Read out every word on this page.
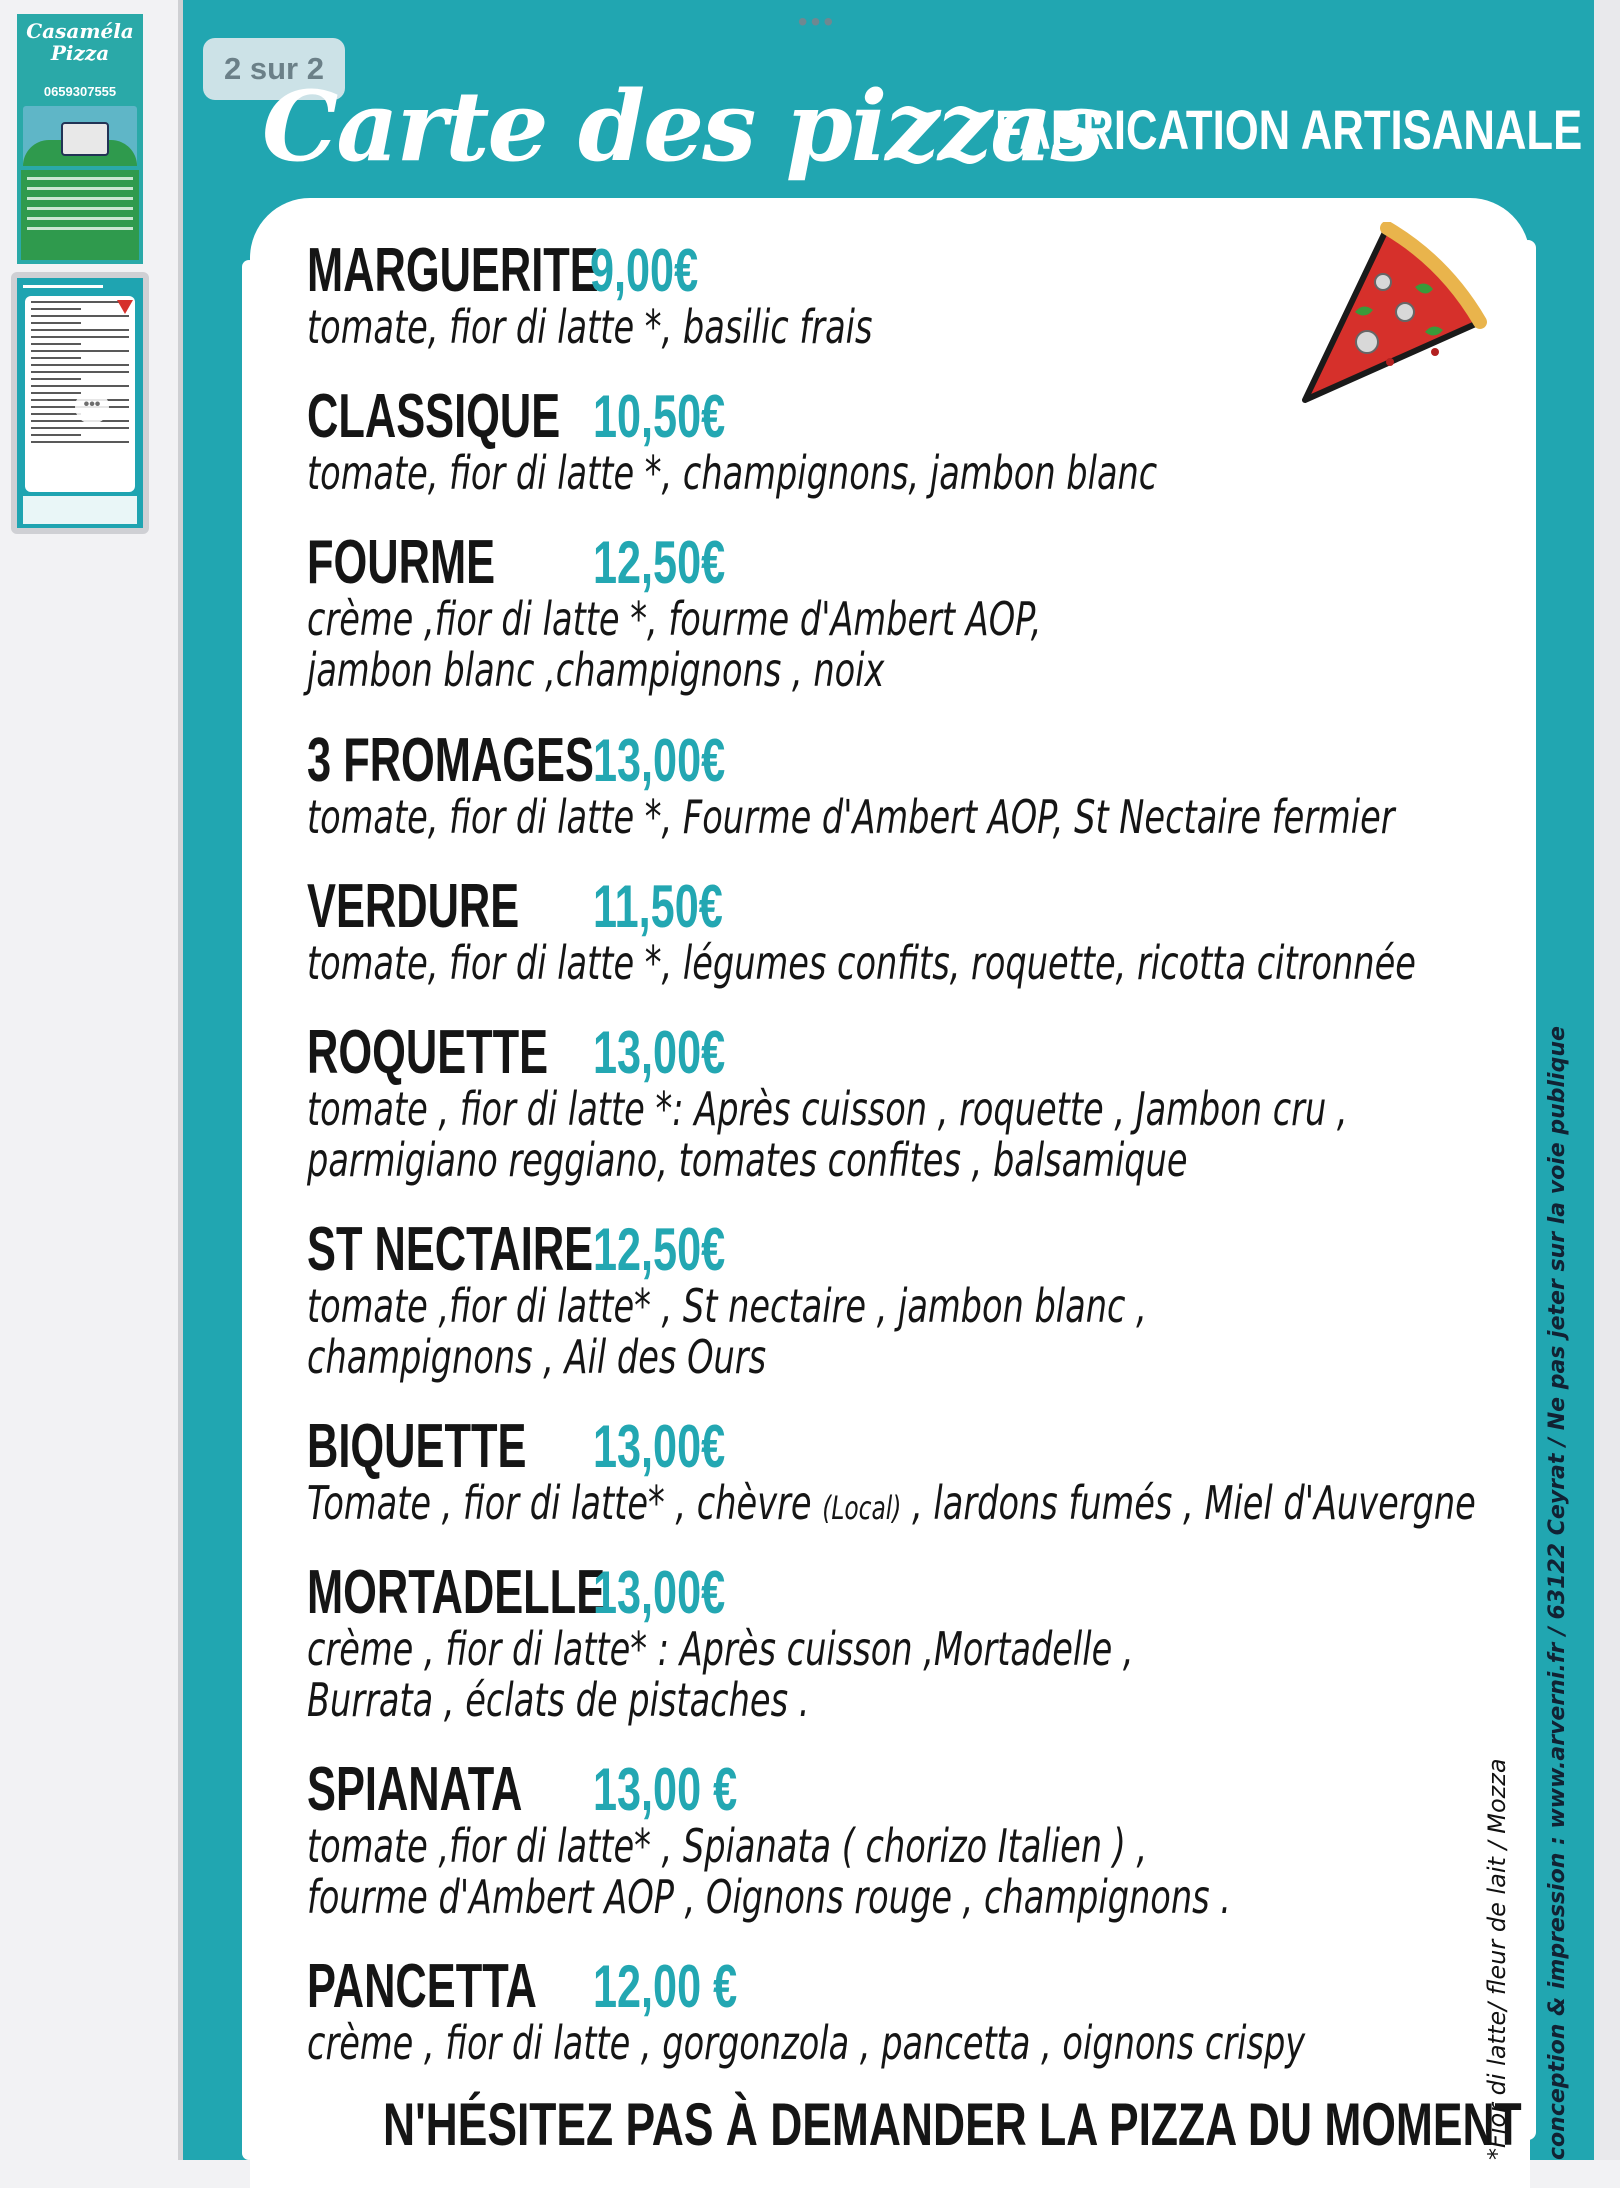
Casaméla
Pizza
0659307555
•••
•••
2 sur 2
Carte des pizzas
FABRICATION ARTISANALE
MARGUERITE
9,00€
tomate, fior di latte *, basilic frais
CLASSIQUE 10,50€
tomate, fior di latte *, champignons, jambon blanc
FOURME 12,50€
crème ,fior di latte *, fourme d'Ambert AOP,
jambon blanc ,champignons , noix
3 FROMAGES 13,00€
tomate, fior di latte *, Fourme d'Ambert AOP, St Nectaire fermier
VERDURE 11,50€
tomate, fior di latte *, légumes confits, roquette, ricotta citronnée
ROQUETTE 13,00€
tomate , fior di latte *: Après cuisson , roquette , Jambon cru ,
parmigiano reggiano, tomates confites , balsamique
ST NECTAIRE 12,50€
tomate ,fior di latte* , St nectaire , jambon blanc ,
champignons , Ail des Ours
BIQUETTE 13,00€
Tomate , fior di latte* , chèvre (Local) , lardons fumés , Miel d'Auvergne
MORTADELLE
13,00€
crème , fior di latte* : Après cuisson ,Mortadelle ,
Burrata , éclats de pistaches .
SPIANATA 13,00 €
tomate ,fior di latte* , Spianata ( chorizo Italien ) ,
fourme d'Ambert AOP , Oignons rouge , champignons .
PANCETTA 12,00 €
crème , fior di latte , gorgonzola , pancetta , oignons crispy
N'HÉSITEZ PAS À DEMANDER LA PIZZA DU MOMENT
*Fior di latte/ fleur de lait / Mozza conception & impression : www.arverni.fr / 63122 Ceyrat / Ne pas jeter sur la voie publique
